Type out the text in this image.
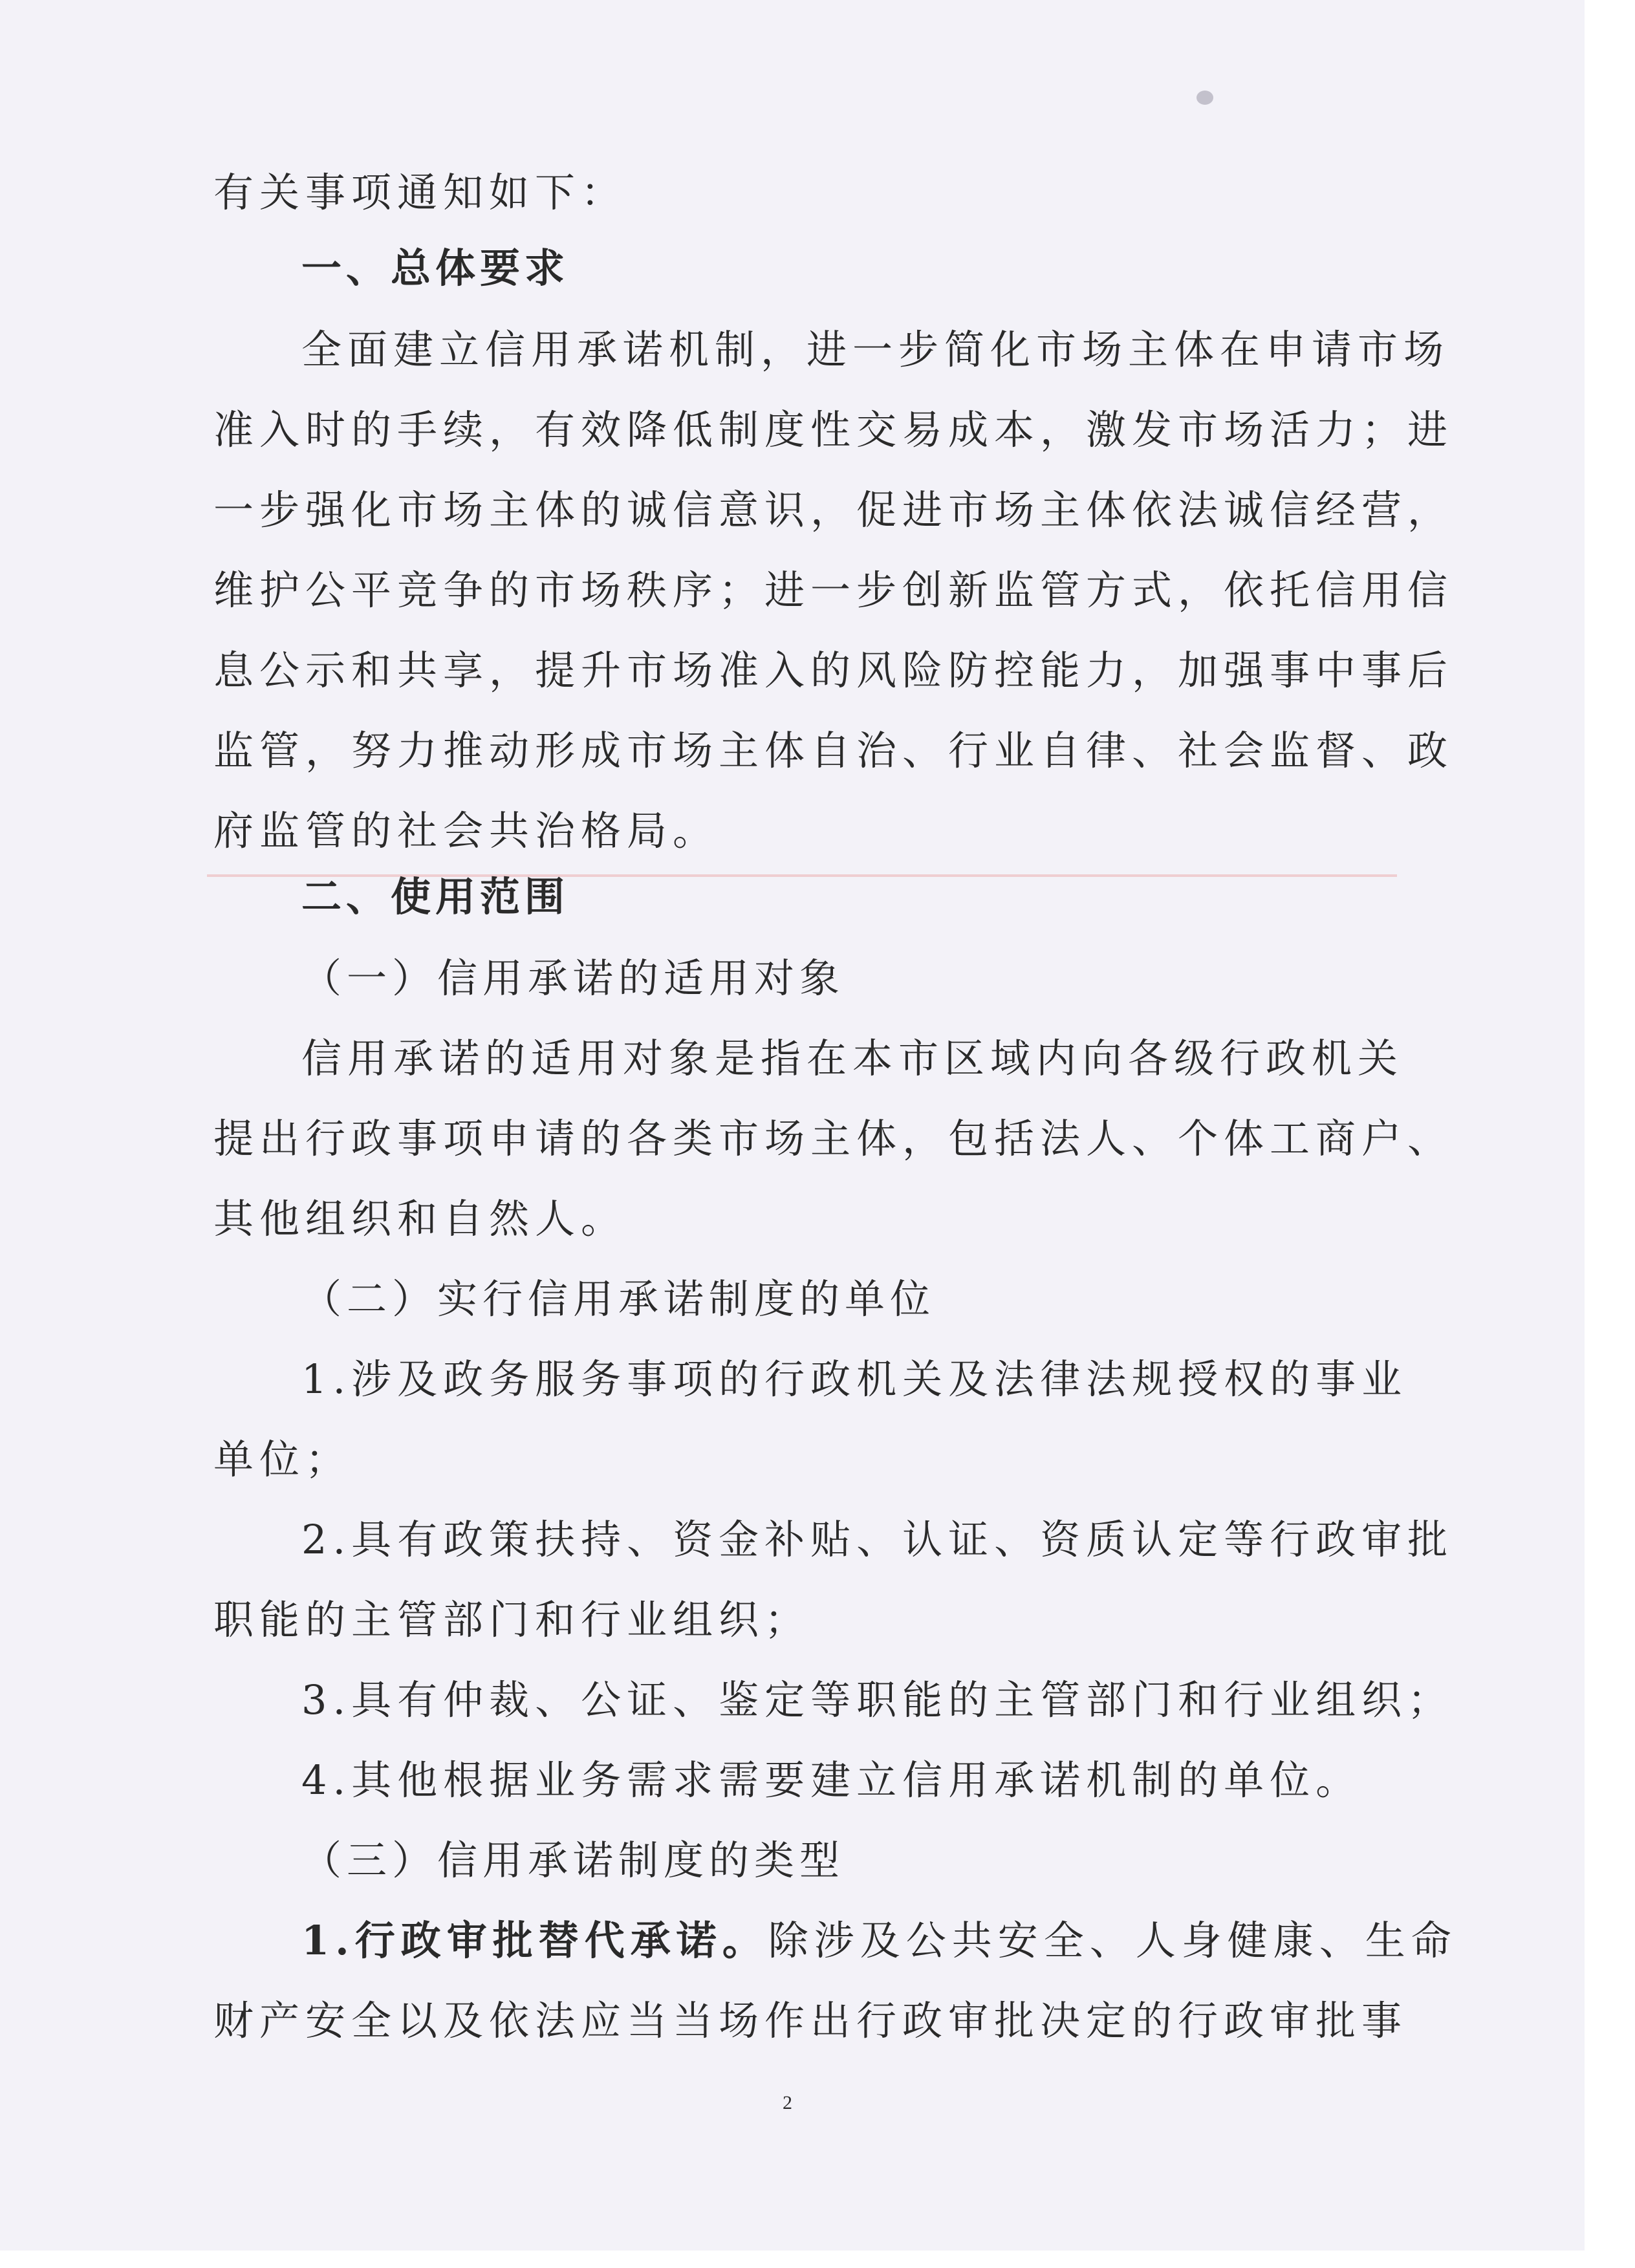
有关事项通知如下：
一、总体要求
全面建立信用承诺机制，进一步简化市场主体在申请市场
准入时的手续，有效降低制度性交易成本，激发市场活力；进
一步强化市场主体的诚信意识，促进市场主体依法诚信经营，
维护公平竞争的市场秩序；进一步创新监管方式，依托信用信
息公示和共享，提升市场准入的风险防控能力，加强事中事后
监管，努力推动形成市场主体自治、行业自律、社会监督、政
府监管的社会共治格局。
二、使用范围
（一）信用承诺的适用对象
信用承诺的适用对象是指在本市区域内向各级行政机关
提出行政事项申请的各类市场主体，包括法人、个体工商户、
其他组织和自然人。
（二）实行信用承诺制度的单位
1.涉及政务服务事项的行政机关及法律法规授权的事业
单位；
2.具有政策扶持、资金补贴、认证、资质认定等行政审批
职能的主管部门和行业组织；
3.具有仲裁、公证、鉴定等职能的主管部门和行业组织；
4.其他根据业务需求需要建立信用承诺机制的单位。
（三）信用承诺制度的类型
1.行政审批替代承诺。除涉及公共安全、人身健康、生命
财产安全以及依法应当当场作出行政审批决定的行政审批事
2
